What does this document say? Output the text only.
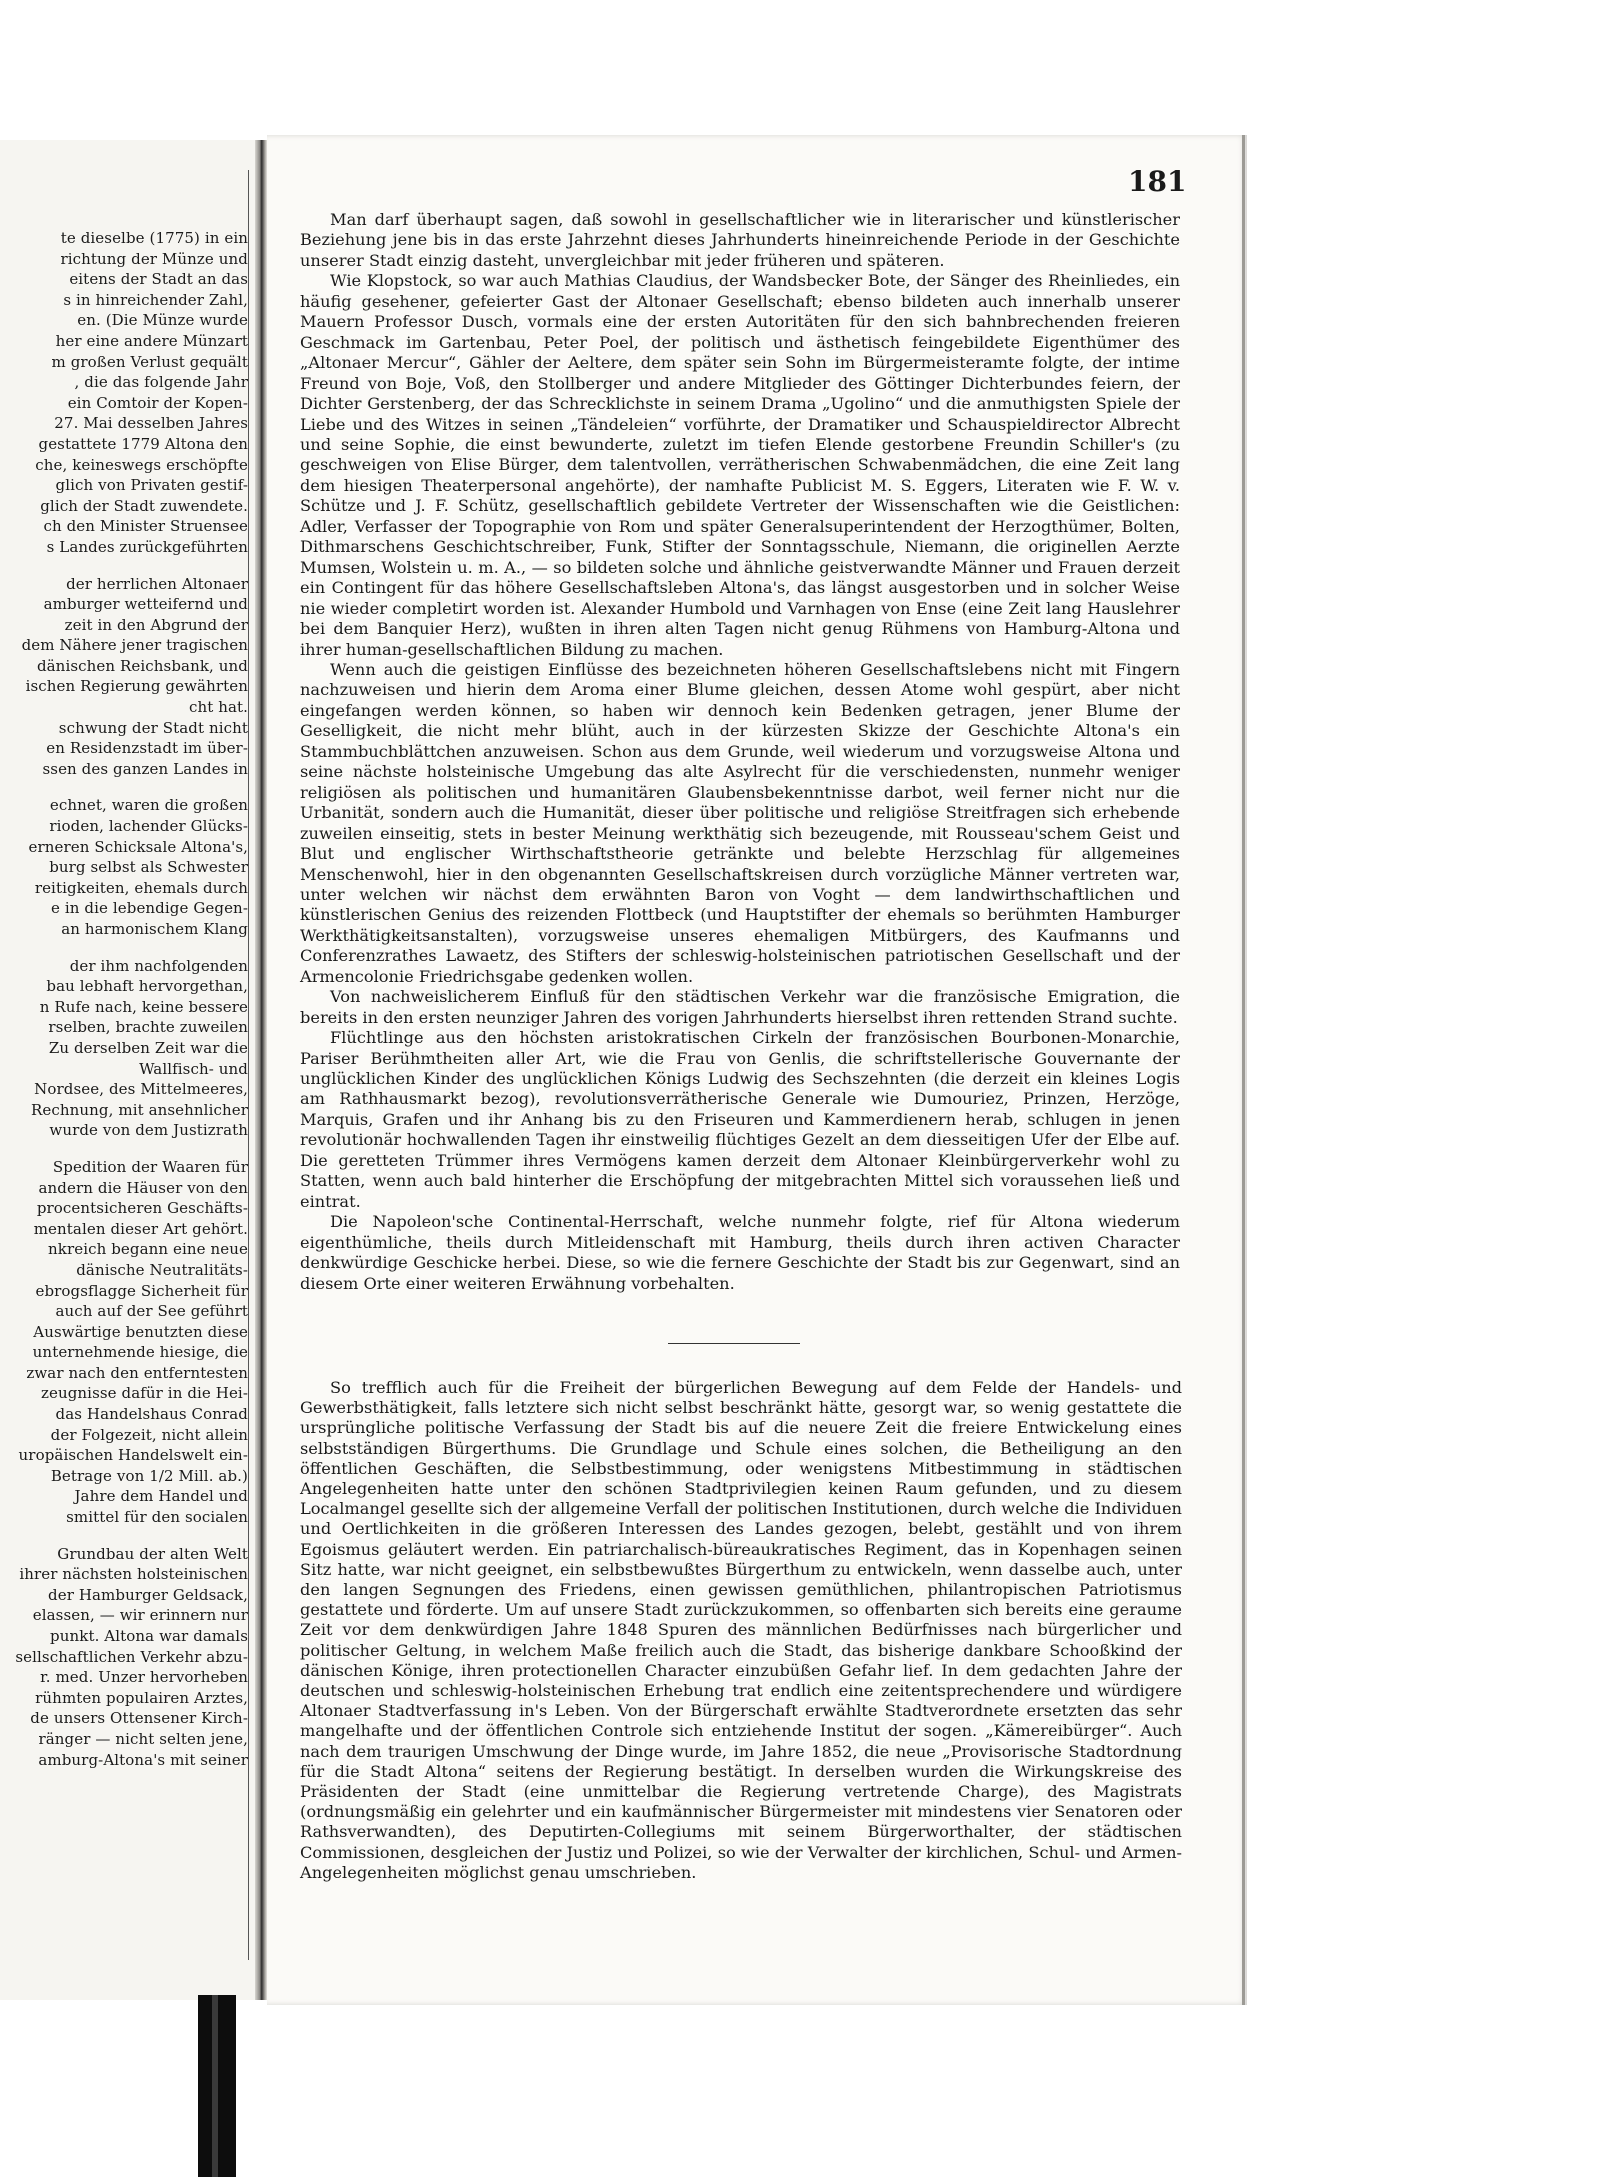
te dieselbe (1775) in ein
richtung der Münze und
eitens der Stadt an das
s in hinreichender Zahl,
en. (Die Münze wurde
her eine andere Münzart
m großen Verlust gequält
, die das folgende Jahr
ein Comtoir der Kopen-
27. Mai desselben Jahres
gestattete 1779 Altona den
che, keineswegs erschöpfte
glich von Privaten gestif-
glich der Stadt zuwendete.
ch den Minister Struensee
s Landes zurückgeführten
der herrlichen Altonaer
amburger wetteifernd und
zeit in den Abgrund der
dem Nähere jener tragischen
dänischen Reichsbank, und
ischen Regierung gewährten
cht hat.
schwung der Stadt nicht
en Residenzstadt im über-
ssen des ganzen Landes in
echnet, waren die großen
rioden, lachender Glücks-
erneren Schicksale Altona's,
burg selbst als Schwester
reitigkeiten, ehemals durch
e in die lebendige Gegen-
an harmonischem Klang
der ihm nachfolgenden
bau lebhaft hervorgethan,
n Rufe nach, keine bessere
rselben, brachte zuweilen
Zu derselben Zeit war die
Wallfisch- und
Nordsee, des Mittelmeeres,
Rechnung, mit ansehnlicher
wurde von dem Justizrath
Spedition der Waaren für
andern die Häuser von den
procentsicheren Geschäfts-
mentalen dieser Art gehört.
nkreich begann eine neue
dänische Neutralitäts-
ebrogsflagge Sicherheit für
auch auf der See geführt
Auswärtige benutzten diese
unternehmende hiesige, die
zwar nach den entferntesten
zeugnisse dafür in die Hei-
das Handelshaus Conrad
der Folgezeit, nicht allein
uropäischen Handelswelt ein-
Betrage von 1/2 Mill. ab.)
Jahre dem Handel und
smittel für den socialen
Grundbau der alten Welt
ihrer nächsten holsteinischen
der Hamburger Geldsack,
elassen, — wir erinnern nur
punkt. Altona war damals
sellschaftlichen Verkehr abzu-
r. med. Unzer hervorheben
rühmten populairen Arztes,
de unsers Ottensener Kirch-
ränger — nicht selten jene,
amburg-Altona's mit seiner
181

Man darf überhaupt sagen, daß sowohl in gesellschaftlicher wie in literarischer und künstlerischer Beziehung jene bis in das erste Jahrzehnt dieses Jahrhunderts hineinreichende Periode in der Geschichte unserer Stadt einzig dasteht, unvergleichbar mit jeder früheren und späteren.

Wie Klopstock, so war auch Mathias Claudius, der Wandsbecker Bote, der Sänger des Rheinliedes, ein häufig gesehener, gefeierter Gast der Altonaer Gesellschaft; ebenso bildeten auch innerhalb unserer Mauern Professor Dusch, vormals eine der ersten Autoritäten für den sich bahnbrechenden freieren Geschmack im Gartenbau, Peter Poel, der politisch und ästhetisch feingebildete Eigenthümer des „Altonaer Mercur“, Gähler der Aeltere, dem später sein Sohn im Bürgermeisteramte folgte, der intime Freund von Boje, Voß, den Stollberger und andere Mitglieder des Göttinger Dichterbundes feiern, der Dichter Gerstenberg, der das Schrecklichste in seinem Drama „Ugolino“ und die anmuthigsten Spiele der Liebe und des Witzes in seinen „Tändeleien“ vorführte, der Dramatiker und Schauspieldirector Albrecht und seine Sophie, die einst bewunderte, zuletzt im tiefen Elende gestorbene Freundin Schiller's (zu geschweigen von Elise Bürger, dem talentvollen, verrätherischen Schwabenmädchen, die eine Zeit lang dem hiesigen Theaterpersonal angehörte), der namhafte Publicist M. S. Eggers, Literaten wie F. W. v. Schütze und J. F. Schütz, gesellschaftlich gebildete Vertreter der Wissenschaften wie die Geistlichen: Adler, Verfasser der Topographie von Rom und später Generalsuperintendent der Herzogthümer, Bolten, Dithmarschens Geschichtschreiber, Funk, Stifter der Sonntagsschule, Niemann, die originellen Aerzte Mumsen, Wolstein u. m. A., — so bildeten solche und ähnliche geistverwandte Männer und Frauen derzeit ein Contingent für das höhere Gesellschaftsleben Altona's, das längst ausgestorben und in solcher Weise nie wieder completirt worden ist. Alexander Humbold und Varnhagen von Ense (eine Zeit lang Hauslehrer bei dem Banquier Herz), wußten in ihren alten Tagen nicht genug Rühmens von Hamburg-Altona und ihrer human-gesellschaftlichen Bildung zu machen.

Wenn auch die geistigen Einflüsse des bezeichneten höheren Gesellschaftslebens nicht mit Fingern nachzuweisen und hierin dem Aroma einer Blume gleichen, dessen Atome wohl gespürt, aber nicht eingefangen werden können, so haben wir dennoch kein Bedenken getragen, jener Blume der Geselligkeit, die nicht mehr blüht, auch in der kürzesten Skizze der Geschichte Altona's ein Stammbuchblättchen anzuweisen. Schon aus dem Grunde, weil wiederum und vorzugsweise Altona und seine nächste holsteinische Umgebung das alte Asylrecht für die verschiedensten, nunmehr weniger religiösen als politischen und humanitären Glaubensbekenntnisse darbot, weil ferner nicht nur die Urbanität, sondern auch die Humanität, dieser über politische und religiöse Streitfragen sich erhebende zuweilen einseitig, stets in bester Meinung werkthätig sich bezeugende, mit Rousseau'schem Geist und Blut und englischer Wirthschaftstheorie getränkte und belebte Herzschlag für allgemeines Menschenwohl, hier in den obgenannten Gesellschaftskreisen durch vorzügliche Männer vertreten war, unter welchen wir nächst dem erwähnten Baron von Voght — dem landwirthschaftlichen und künstlerischen Genius des reizenden Flottbeck (und Hauptstifter der ehemals so berühmten Hamburger Werkthätigkeitsanstalten), vorzugsweise unseres ehemaligen Mitbürgers, des Kaufmanns und Conferenzrathes Lawaetz, des Stifters der schleswig-holsteinischen patriotischen Gesellschaft und der Armencolonie Friedrichsgabe gedenken wollen.

Von nachweislicherem Einfluß für den städtischen Verkehr war die französische Emigration, die bereits in den ersten neunziger Jahren des vorigen Jahrhunderts hierselbst ihren rettenden Strand suchte.

Flüchtlinge aus den höchsten aristokratischen Cirkeln der französischen Bourbonen-Monarchie, Pariser Berühmtheiten aller Art, wie die Frau von Genlis, die schriftstellerische Gouvernante der unglücklichen Kinder des unglücklichen Königs Ludwig des Sechszehnten (die derzeit ein kleines Logis am Rathhausmarkt bezog), revolutionsverrätherische Generale wie Dumouriez, Prinzen, Herzöge, Marquis, Grafen und ihr Anhang bis zu den Friseuren und Kammerdienern herab, schlugen in jenen revolutionär hochwallenden Tagen ihr einstweilig flüchtiges Gezelt an dem diesseitigen Ufer der Elbe auf. Die geretteten Trümmer ihres Vermögens kamen derzeit dem Altonaer Kleinbürgerverkehr wohl zu Statten, wenn auch bald hinterher die Erschöpfung der mitgebrachten Mittel sich voraussehen ließ und eintrat.

Die Napoleon'sche Continental-Herrschaft, welche nunmehr folgte, rief für Altona wiederum eigenthümliche, theils durch Mitleidenschaft mit Hamburg, theils durch ihren activen Character denkwürdige Geschicke herbei. Diese, so wie die fernere Geschichte der Stadt bis zur Gegenwart, sind an diesem Orte einer weiteren Erwähnung vorbehalten.

So trefflich auch für die Freiheit der bürgerlichen Bewegung auf dem Felde der Handels- und Gewerbsthätigkeit, falls letztere sich nicht selbst beschränkt hätte, gesorgt war, so wenig gestattete die ursprüngliche politische Verfassung der Stadt bis auf die neuere Zeit die freiere Entwickelung eines selbstständigen Bürgerthums. Die Grundlage und Schule eines solchen, die Betheiligung an den öffentlichen Geschäften, die Selbstbestimmung, oder wenigstens Mitbestimmung in städtischen Angelegenheiten hatte unter den schönen Stadtprivilegien keinen Raum gefunden, und zu diesem Localmangel gesellte sich der allgemeine Verfall der politischen Institutionen, durch welche die Individuen und Oertlichkeiten in die größeren Interessen des Landes gezogen, belebt, gestählt und von ihrem Egoismus geläutert werden. Ein patriarchalisch-büreaukratisches Regiment, das in Kopenhagen seinen Sitz hatte, war nicht geeignet, ein selbstbewußtes Bürgerthum zu entwickeln, wenn dasselbe auch, unter den langen Segnungen des Friedens, einen gewissen gemüthlichen, philantropischen Patriotismus gestattete und förderte. Um auf unsere Stadt zurückzukommen, so offenbarten sich bereits eine geraume Zeit vor dem denkwürdigen Jahre 1848 Spuren des männlichen Bedürfnisses nach bürgerlicher und politischer Geltung, in welchem Maße freilich auch die Stadt, das bisherige dankbare Schooßkind der dänischen Könige, ihren protectionellen Character einzubüßen Gefahr lief. In dem gedachten Jahre der deutschen und schleswig-holsteinischen Erhebung trat endlich eine zeitentsprechendere und würdigere Altonaer Stadtverfassung in's Leben. Von der Bürgerschaft erwählte Stadtverordnete ersetzten das sehr mangelhafte und der öffentlichen Controle sich entziehende Institut der sogen. „Kämereibürger“. Auch nach dem traurigen Umschwung der Dinge wurde, im Jahre 1852, die neue „Provisorische Stadtordnung für die Stadt Altona“ seitens der Regierung bestätigt. In derselben wurden die Wirkungskreise des Präsidenten der Stadt (eine unmittelbar die Regierung vertretende Charge), des Magistrats (ordnungsmäßig ein gelehrter und ein kaufmännischer Bürgermeister mit mindestens vier Senatoren oder Rathsverwandten), des Deputirten-Collegiums mit seinem Bürgerworthalter, der städtischen Commissionen, desgleichen der Justiz und Polizei, so wie der Verwalter der kirchlichen, Schul- und Armen-Angelegenheiten möglichst genau umschrieben.
